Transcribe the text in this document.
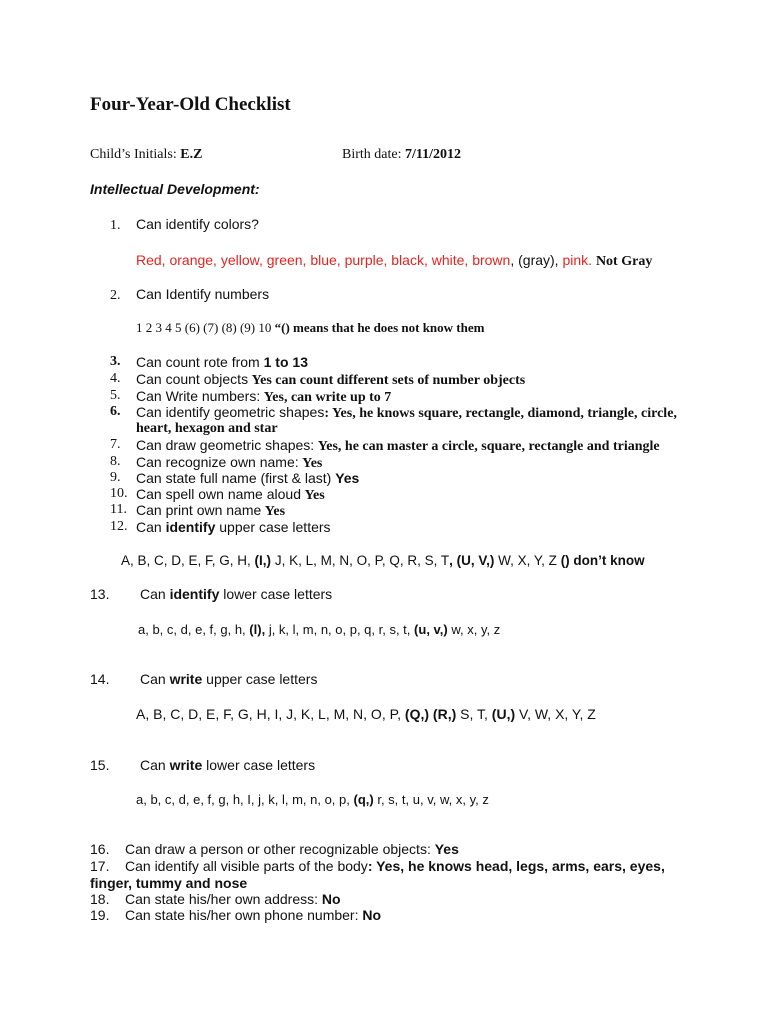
Four-Year-Old Checklist
Child’s Initials: E.Z	Birth date: 7/11/2012
Intellectual Development:
1. Can identify colors?
Red, orange, yellow, green, blue, purple, black, white, brown, (gray), pink. Not Gray
2. Can Identify numbers
1 2 3 4 5 (6) (7) (8) (9) 10 “() means that he does not know them
3. Can count rote from 1 to 13
4. Can count objects Yes can count different sets of number objects
5. Can Write numbers: Yes, can write up to 7
6. Can identify geometric shapes: Yes, he knows square, rectangle, diamond, triangle, circle,
heart, hexagon and star
7. Can draw geometric shapes: Yes, he can master a circle, square, rectangle and triangle
8. Can recognize own name: Yes
9. Can state full name (first & last) Yes
10. Can spell own name aloud Yes
11. Can print own name Yes
12. Can identify upper case letters
A, B, C, D, E, F, G, H, (I,) J, K, L, M, N, O, P, Q, R, S, T, (U, V,) W, X, Y, Z () don’t know
13. Can identify lower case letters
a, b, c, d, e, f, g, h, (l), j, k, l, m, n, o, p, q, r, s, t, (u, v,) w, x, y, z
14. Can write upper case letters
A, B, C, D, E, F, G, H, I, J, K, L, M, N, O, P, (Q,) (R,) S, T, (U,) V, W, X, Y, Z
15. Can write lower case letters
a, b, c, d, e, f, g, h, I, j, k, l, m, n, o, p, (q,) r, s, t, u, v, w, x, y, z
16. Can draw a person or other recognizable objects: Yes
17. Can identify all visible parts of the body: Yes, he knows head, legs, arms, ears, eyes,
finger, tummy and nose
18. Can state his/her own address: No
19. Can state his/her own phone number: No
